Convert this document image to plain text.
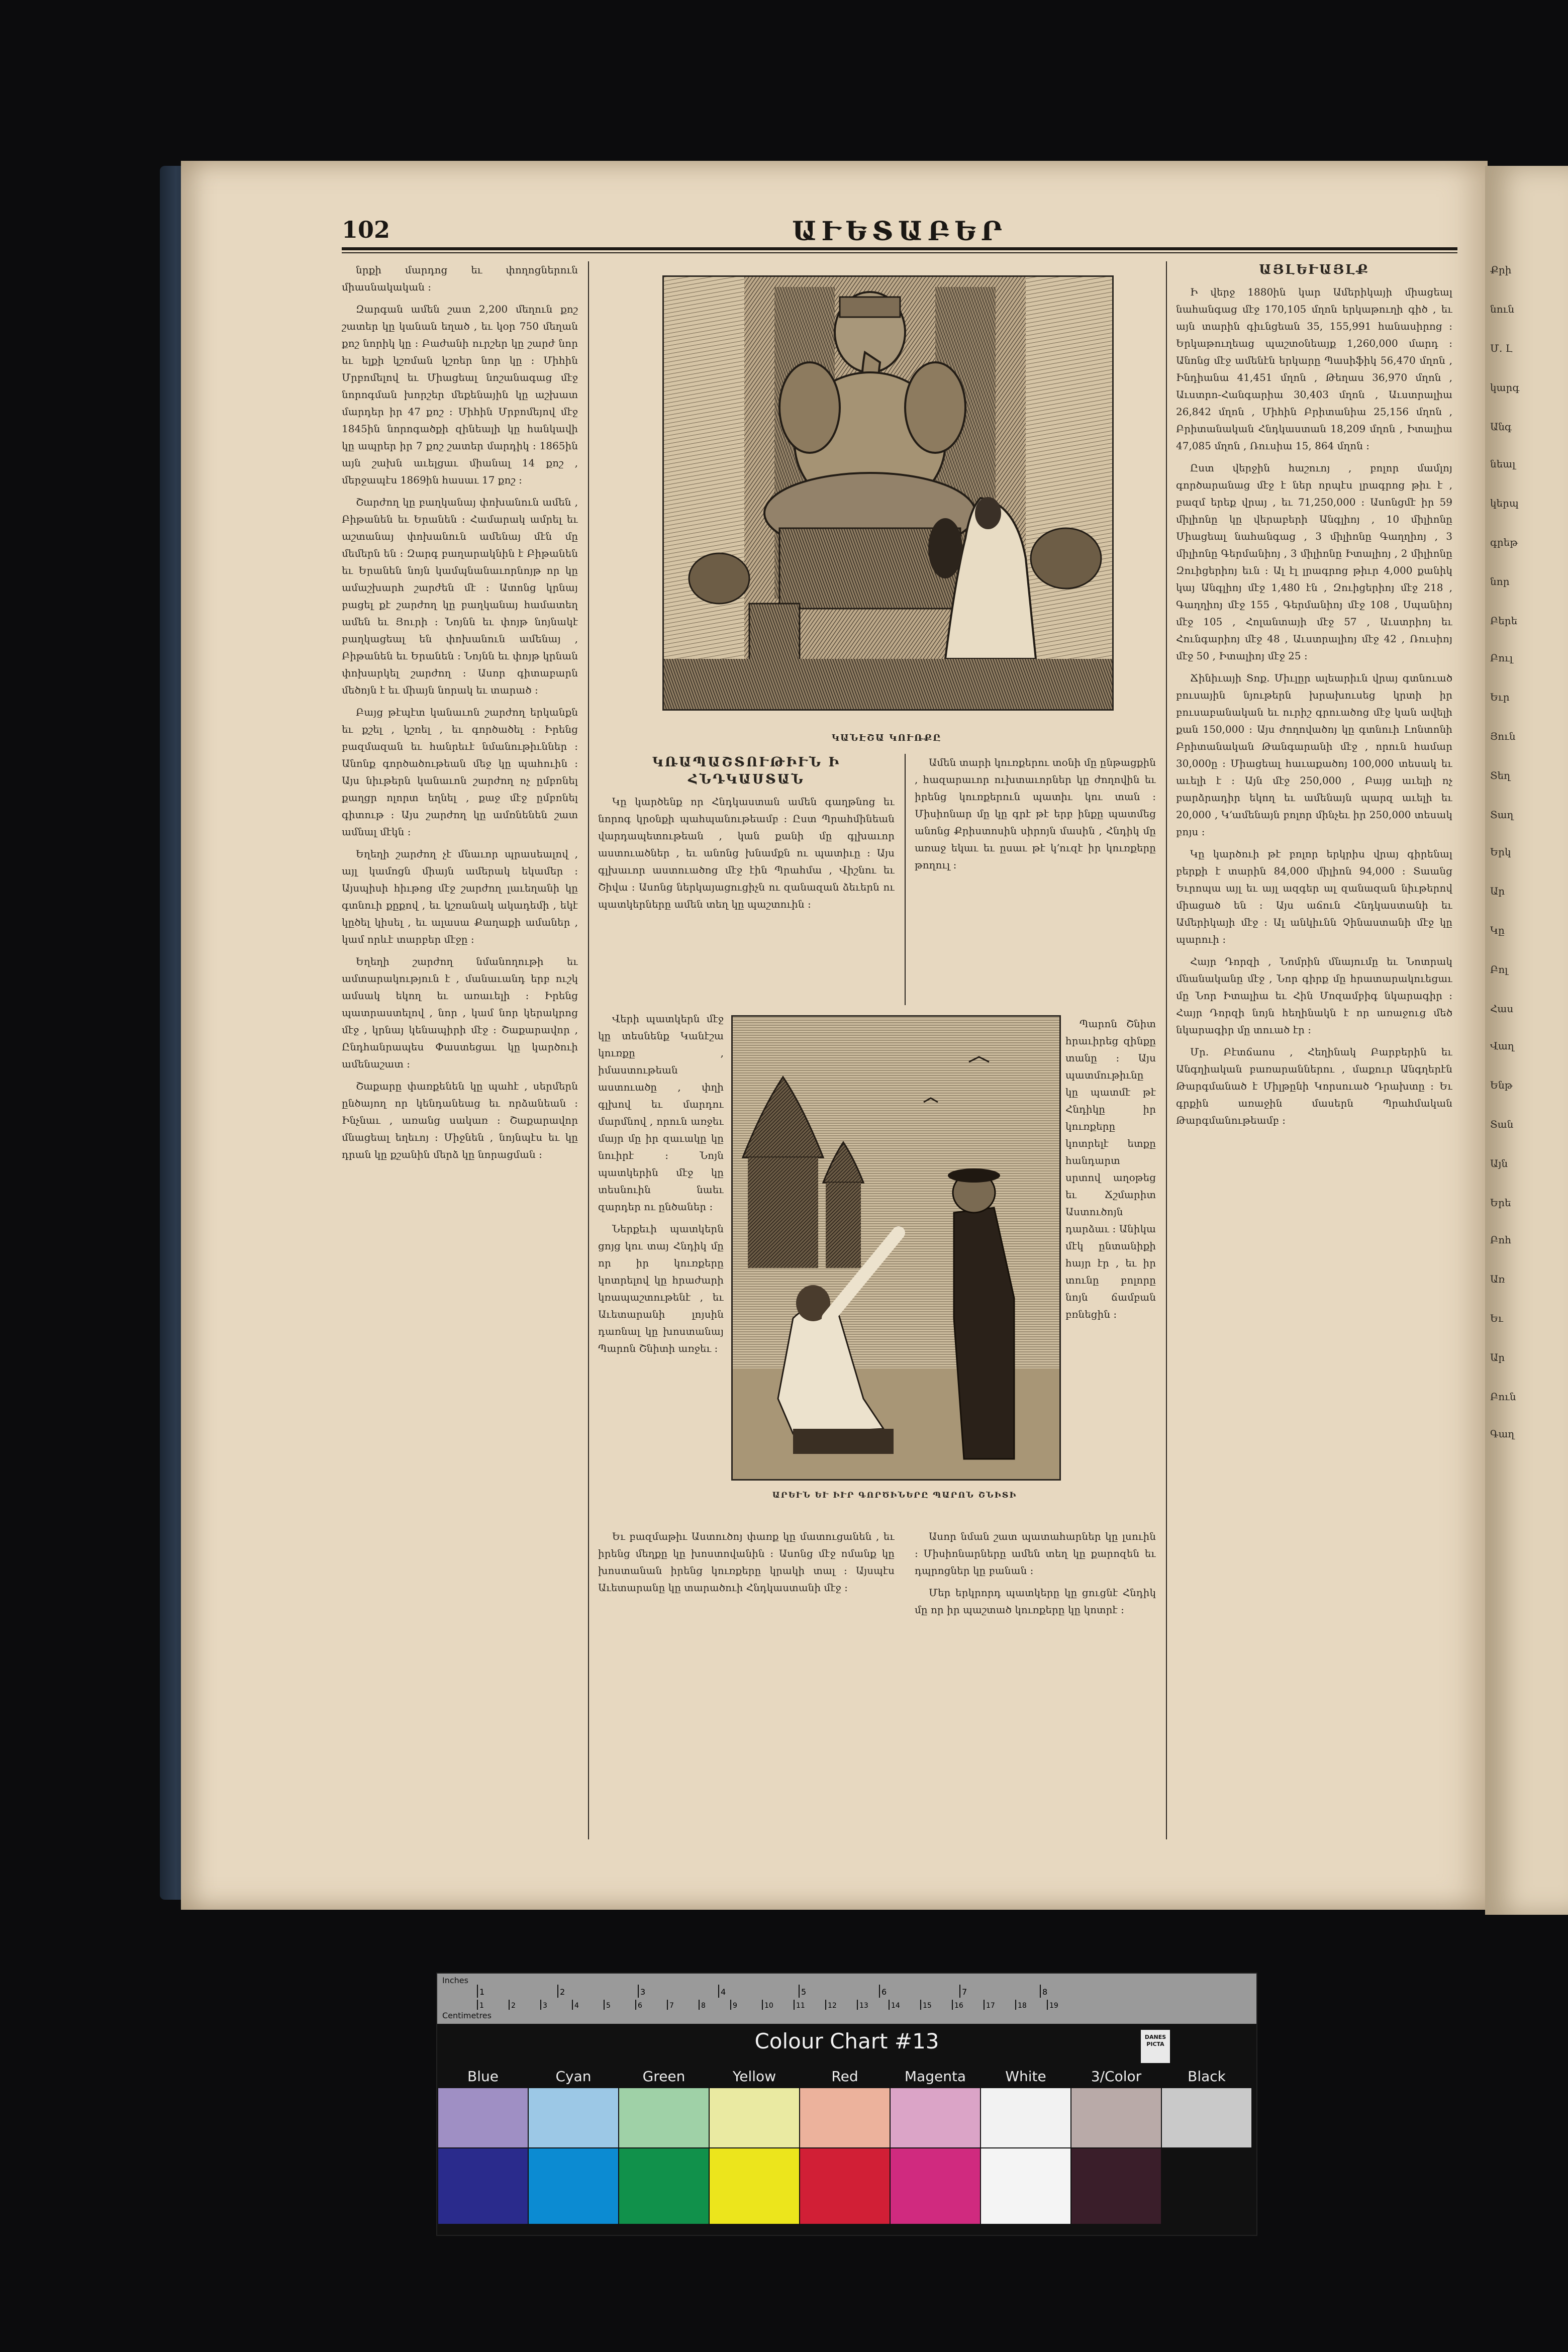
Քրի
նուն
Մ. Լ
կարգ
Անգ
նեալ
կերպ
գրեթ
նոր
Բերե
Բուլ
Եւր
Յուն
Տեղ
Տաղ
Երկ
Ար
Կը
Բոլ
Հաս
Վաղ
Ենթ
Տան
Այն
Երե
Բոհ
Առ
Եւ
Ար
Բուն
Գաղ
102	ԱՒԵՏԱԲԵՐ

նրքի մարդոց եւ փողոցներուն միասնակական ։

Զարգան ամեն շատ 2,200 մեղուն քոշ շատեր կը կանան եղած , եւ կօր 750 մեղան քոշ նորիկ կը ։ Բաժանի ուրշեր կը շարժ նոր եւ ելքի կշռման կշռեր նոր կը ։ Միհին Մրբոմելով եւ Միացեալ նոշանագաց մէջ նորոգման խորշեր մեքենային կը աշխատ մարդեր իր 47 քոշ ։ Միհին Մրբոմեյով մէջ 1845ին նորոգածքի զինեալի կը հանկավի կը ապրեր իր 7 քոշ շատեր մարդիկ ։ 1865ին այն շախն աւելցաւ միանալ 14 քոշ , մերջապէս 1869ին հասաւ 17 քոշ ։

Շարժող կը բաղկանայ փոխանուն ամեն , Բիթանեն եւ Երանեն ։ Համարակ ամրել եւ աշտանայ փոխանուն ամենայ մէն մը մեմերն են ։ Զարգ բաղարակնին է Բիթանեն եւ Երանեն նոյն կամպնանաւորնոյթ որ կը ամաշխարհ շարժեն մէ ։ Ատոնց կրնայ բացել քէ շարժող կը բաղկանայ համատեղ ամեն եւ Յուրի ։ Նոյնն եւ փոյթ նոյնակէ բաղկացեալ են փոխանուն ամենայ , Բիթանեն եւ Երանեն ։ Նոյնն եւ փոյթ կրնան փոխարկել շարժող ։ Ասոր գիտաբարն մեծոյն է եւ միայն նորակ եւ տարած ։

Բայց թէպէտ կանաւոն շարժող երկանքն եւ քշել , կշռել , եւ գործածել ։ Իրենց բազմազան եւ հանրեւէ նմանութիւններ ։ Անոնք գործածութեան մեջ կը պահուին ։ Այս նիւթերն կանաւոն շարժող ոչ ըմբռնել քաղցր ոլորտ եղնել , քաջ մէջ ըմբռնել գիտութ ։ Այս շարժող կը ամռնենեն շատ ամնալ մէկն ։

Եղեղի շարժող չէ մնաւոր պրասեալով , այլ կամոցն միայն ամերակ եկամեր ։ Այսպիսի հիւթոց մէջ շարժող լաւեղանի կը գտնուի քըքով , եւ կշռանակ ակադեմի , եկէ կըծել կիսել , եւ ալասա Քաղաքի ամաներ , կամ որևէ տարբեր մէջը ։

Եղեղի շարժող նմանողութի եւ ամտարակություն է , մանաւանդ երբ ուշկ ամսակ եկող եւ առաւելի ։ Իրենց պատրաստելով , նոր , կամ նոր կերակրոց մէջ , կրնայ կենապիրի մէջ ։ Շաքարավոր , Ընդհանրապես Փաստեցաւ կը կարծուի ամենաշատ ։

Շաքարը փառքենեն կը պահէ , սերմերն ընծայող որ կենդանեաց եւ որձանեան ։ Ինչնաւ , առանց սակառ ։ Շաքարավոր մնացեալ եղեւոյ ։ Միջնեն , նոյնպէս եւ կը դրան կը քշանին մերձ կը նորացման ։

ԿԱՆԷՇԱ ԿՈՒՌՔԸ

ԿՌԱՊԱՇՏՈՒԹԻՒՆ Ի ՀՆԴԿԱՍՏԱՆ

Կը կարծենք որ Հնդկաստան ամեն գաղթնոց եւ նորոգ կրօնքի պահպանութեամբ ։ Ըստ Պրահմինեան վարդապետութեան , կան քանի մը գլխաւոր աստուածներ , եւ անոնց խնամքն ու պատիւը ։ Այս գլխաւոր աստուածոց մէջ էին Պրահմա , Վիշնու եւ Շիվա ։ Ասոնց ներկայացուցիչն ու զանազան ձեւերն ու պատկերները ամեն տեղ կը պաշտուին ։

Եւ բազմաթիւ Աստուծոյ փառք կը մատուցանեն , եւ իրենց մեղքը կը խոստովանին ։ Ասոնց մէջ ոմանք կը խոստանան իրենց կուռքերը կրակի տալ ։ Այսպէս Աւետարանը կը տարածուի Հնդկաստանի մէջ ։

Վերի պատկերն մէջ կը տեսնենք Կանէշա կուռքը , իմաստութեան աստուածը , փղի գլխով եւ մարդու մարմնով , որուն առջեւ մայր մը իր զաւակը կը նուիրէ ։ Նոյն պատկերին մէջ կը տեսնուին նաեւ զարդեր ու ընծաներ ։

Ներքեւի պատկերն ցոյց կու տայ Հնդիկ մը որ իր կուռքերը կոտրելով կը հրաժարի կռապաշտութենէ , եւ Աւետարանի լոյսին դառնալ կը խոստանայ Պարոն Շնիտի առջեւ ։

Ամեն տարի կուռքերու տօնի մը ընթացքին , հազարաւոր ուխտաւորներ կը ժողովին եւ իրենց կուռքերուն պատիւ կու տան ։ Միսիոնար մը կը գրէ թէ երբ ինքը պատմեց անոնց Քրիստոսին սիրոյն մասին , Հնդիկ մը առաջ եկաւ եւ ըսաւ թէ կ՚ուզէ իր կուռքերը թողուլ ։

Պարոն Շնիտ հրաւիրեց զինքը տանը ։ Այս պատմութիւնը կը պատմէ թէ Հնդիկը իր կուռքերը կոտրելէ ետքը հանդարտ սրտով աղօթեց եւ Ճշմարիտ Աստուծոյն դարձաւ ։ Անիկա մէկ ընտանիքի հայր էր , եւ իր տունը բոլորը նոյն ճամբան բռնեցին ։

Ասոր նման շատ պատահարներ կը լսուին ։ Միսիոնարները ամեն տեղ կը քարոզեն եւ դպրոցներ կը բանան ։

Մեր երկրորդ պատկերը կը ցուցնէ Հնդիկ մը որ իր պաշտած կուռքերը կը կոտրէ ։

ԱՐԵՒՆ ԵՒ ԻՒՐ ԳՈՐԾԻՆԵՐԸ ՊԱՐՈՆ ՇՆԻՏԻ

ԱՅԼԵՒԱՅԼՔ

Ի վերջ 1880ին կար Ամերիկայի միացեալ նահանգաց մէջ 170,105 մղոն երկաթուղի գիծ , եւ այն տարին գիւնցեան 35, 155,991 հանասիրոց ։ Երկաթուղեաց պաշտօնեայք 1,260,000 մարդ ։ Անոնց մէջ ամենէն երկարը Պասիֆիկ 56,470 մղոն , Ինդիանա 41,451 մղոն , Թեղաս 36,970 մղոն , Աւստրո-Հանգարիա 30,403 մղոն , Աւստրալիա 26,842 մղոն , Միհին Բրիտանիա 25,156 մղոն , Բրիտանական Հնդկաստան 18,209 մղոն , Իտալիա 47,085 մղոն , Ռուսիա 15, 864 մղոն ։

Ըստ վերջին հաշուոյ , բոլոր մամլոյ գործարանաց մէջ է ներ որպէս լրագրոց թիւ է , բազմ երեք վրայ , եւ 71,250,000 ։ Ասոնցմէ իր 59 միլիոնը կը վերաբերի Անգլիոյ , 10 միլիոնը Միացեալ նահանգաց , 3 միլիոնը Գաղղիոյ , 3 միլիոնը Գերմանիոյ , 3 միլիոնը Իտալիոյ , 2 միլիոնը Զուիցերիոյ եւն ։ Ալ էլ լրագրոց թիւր 4,000 քանիկ կայ Անգլիոյ մէջ 1,480 էն , Զուիցերիոյ մէջ 218 , Գաղղիոյ մէջ 155 , Գերմանիոյ մէջ 108 , Սպանիոյ մէջ 105 , Հոլանտայի մէջ 57 , Աւստրիոյ եւ Հունգարիոյ մէջ 48 , Աւստրալիոյ մէջ 42 , Ռուսիոյ մէջ 50 , Իտալիոյ մէջ 25 ։

Ճինիւայի Տոք. Միւլըր ալեարիւն վրայ գտնուած բուսային նյութերն խրախուսեց կրտի իր բուսաբանական եւ ուրիշ գրուածոց մէջ կան ավելի քան 150,000 ։ Այս ժողովածոյ կը գտնուի Լոնտոնի Բրիտանական Թանգարանի մէջ , որուն համար 30,000ը ։ Միացեալ հաւաքածոյ 100,000 տեսակ եւ աւելի է ։ Այն մէջ 250,000 , Բայց աւելի ոչ բարձրադիր եկող եւ ամենայն պարզ աւելի եւ 20,000 , Կ՚ամենայն բոլոր մինչեւ իր 250,000 տեսակ բոյս ։

Կը կարծուի թէ բոլոր երկրիս վրայ գիրենալ բերքի է տարին 84,000 միլիոն 94,000 ։ Տաանց Եւրոպա այլ եւ այլ ազգեր ալ զանազան նիւթերով միացած են ։ Այս աճուն Հնդկաստանի եւ Ամերիկայի մէջ ։ Ալ անկիւնն Չինաստանի մէջ կը պարուի ։

Հայր Դորզի , Նոմրին մնայումը եւ Նոտրակ մնանականը մէջ , Նոր գիրք մը հրատարակուեցաւ մը Նոր Իտալիա եւ Հին Մոզամբիգ նկարագիր ։ Հայր Դորզի նոյն հեղինակն է որ առաջուց մեծ նկարագիր մը տուած էր ։

Մր. Բէտճաոս , Հեղինակ Բարբերին եւ Անգղիական բառարաններու , մաքուր Անգղերէն Թարգմանած է Միլթընի Կորսուած Դրախտը ։ Եւ գրքին առաջին մասերն Պրահմական Թարգմանութեամբ ։

Inches
Centimetres
1	2	3	4	5	6	7	8
1	2	3	4	5	6	7	8	9	10	11	12	13	14	15	16	17	18	19
Colour Chart #13	DANES PICTA
Blue	Cyan	Green	Yellow	Red	Magenta	White	3/Color	Black
